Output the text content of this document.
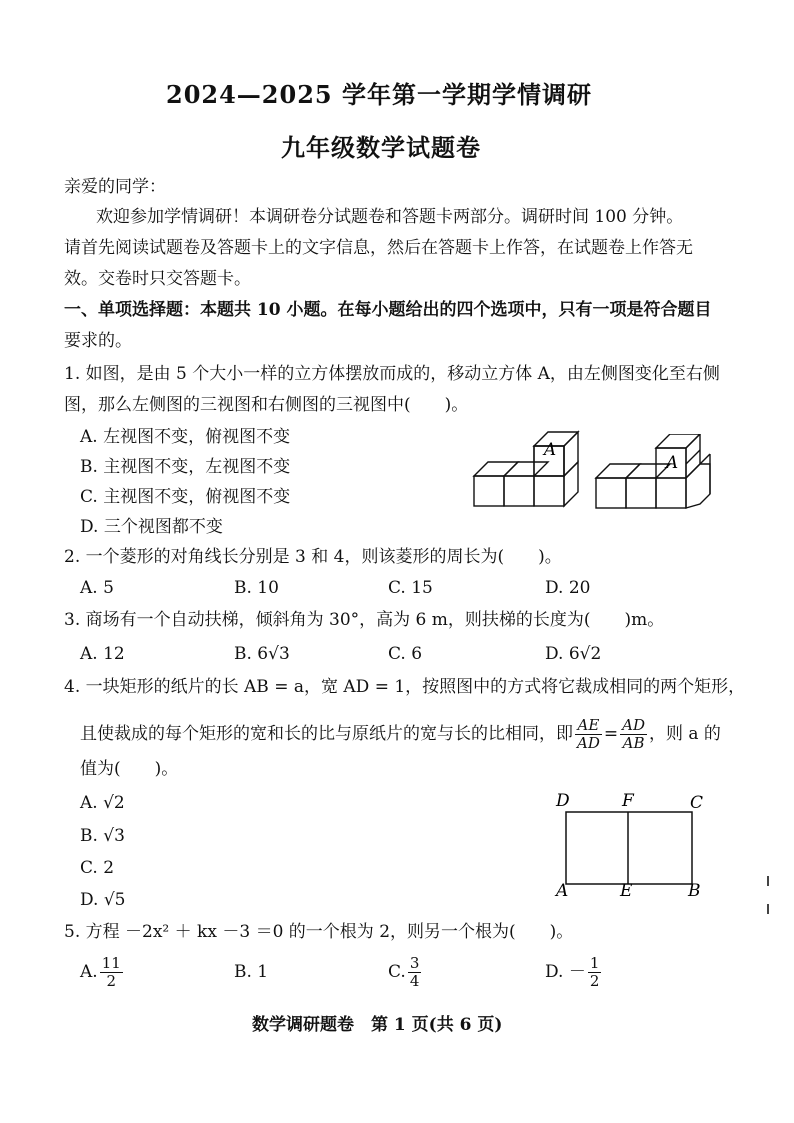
2024—2025 学年第一学期学情调研
九年级数学试题卷
亲爱的同学：
欢迎参加学情调研！本调研卷分试题卷和答题卡两部分。调研时间 100 分钟。
请首先阅读试题卷及答题卡上的文字信息，然后在答题卡上作答，在试题卷上作答无
效。交卷时只交答题卡。
一、单项选择题：本题共 10 小题。在每小题给出的四个选项中，只有一项是符合题目
要求的。
1. 如图，是由 5 个大小一样的立方体摆放而成的，移动立方体 A，由左侧图变化至右侧
图，那么左侧图的三视图和右侧图的三视图中(　　)。
A. 左视图不变，俯视图不变
B. 主视图不变，左视图不变
C. 主视图不变，俯视图不变
D. 三个视图都不变
A
A
2. 一个菱形的对角线长分别是 3 和 4，则该菱形的周长为(　　)。
A. 5	B. 10	C. 15	D. 20
3. 商场有一个自动扶梯，倾斜角为 30°，高为 6 m，则扶梯的长度为(　　)m。
A. 12	B. 6√3	C. 6	D. 6√2
4. 一块矩形的纸片的长 AB = a，宽 AD = 1，按照图中的方式将它裁成相同的两个矩形，
且使裁成的每个矩形的宽和长的比与原纸片的宽与长的比相同，即 $\frac{AE}{AD} = \frac{AD}{AB}$ ，则 a 的
值为(　　)。
A. √2
B. √3
C. 2
D. √5
D	F	C
A	E	B
5. 方程 －2x² ＋ kx －3 ＝0 的一个根为 2，则另一个根为(　　)。
A. $\frac{11}{2}$	B. 1	C. $\frac{3}{4}$	D. － $\frac{1}{2}$
数学调研题卷　第 1 页(共 6 页)
